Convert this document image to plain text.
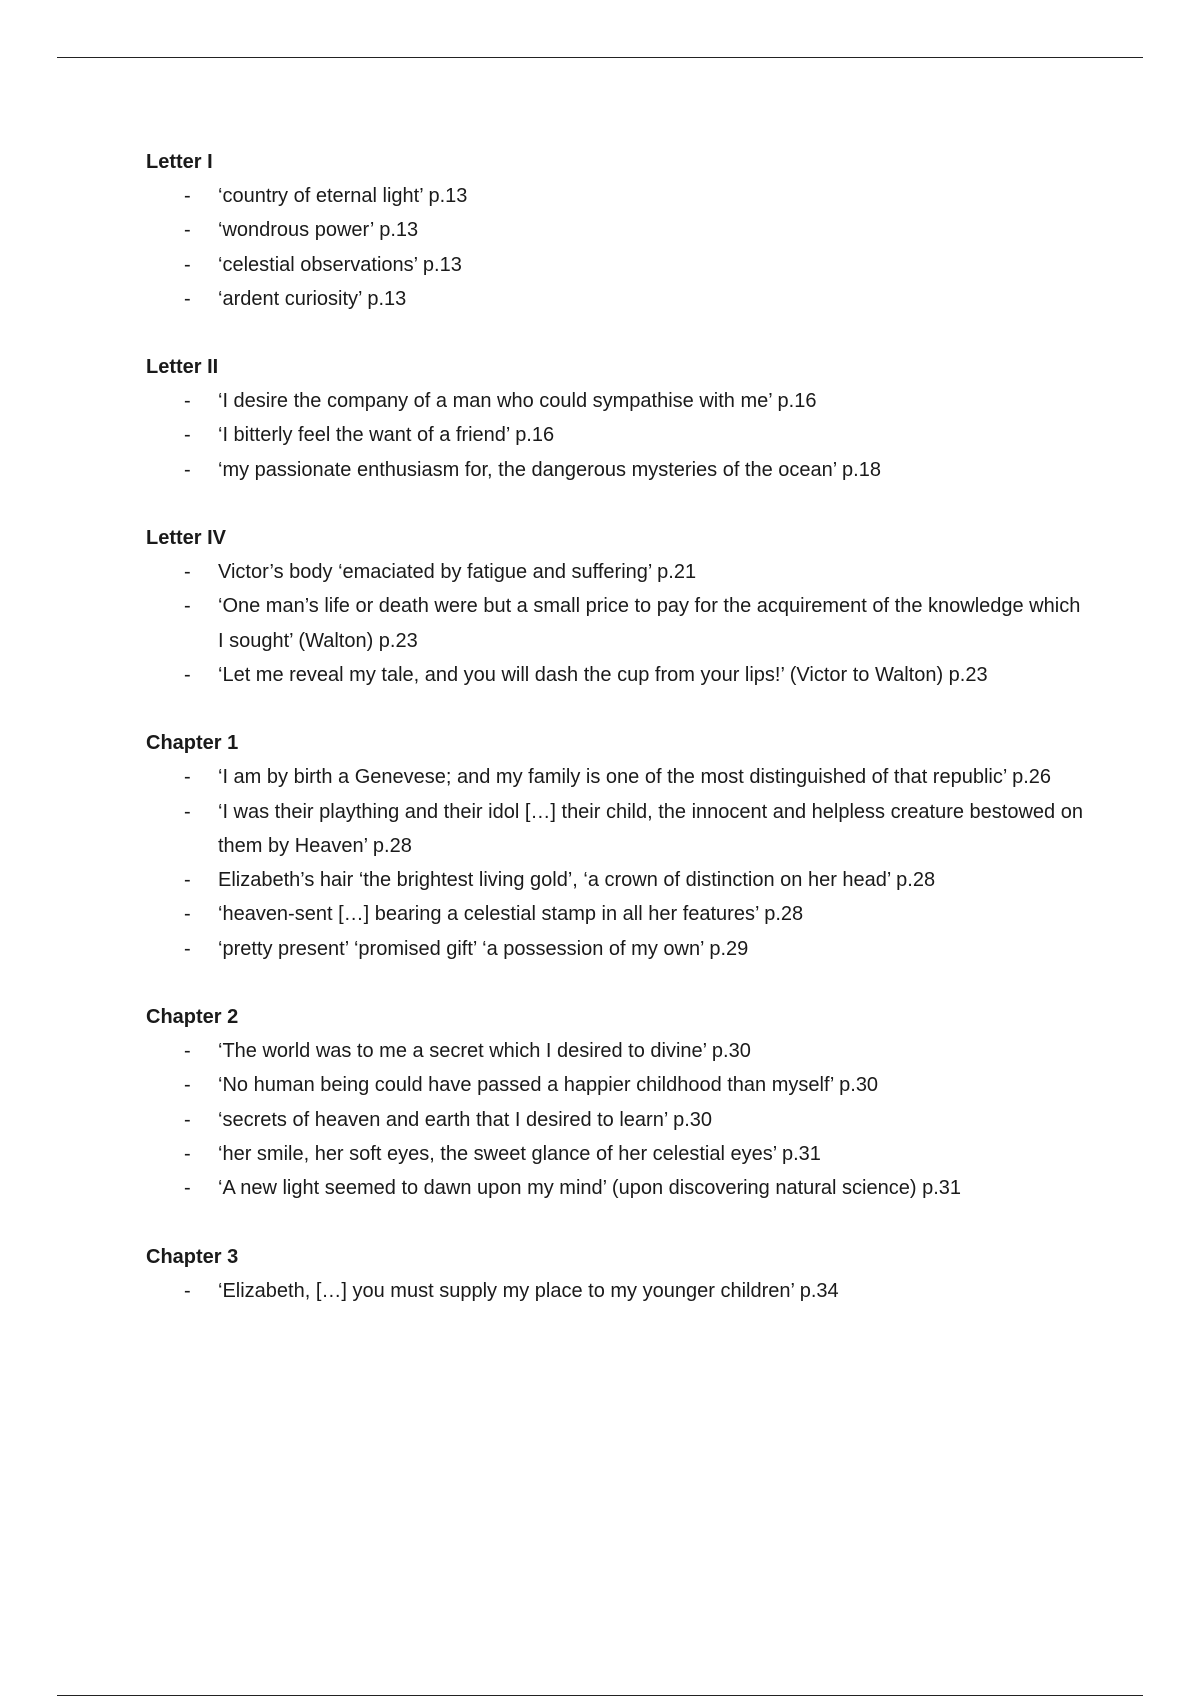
Letter I
- ‘country of eternal light’ p.13
- ‘wondrous power’ p.13
- ‘celestial observations’ p.13
- ‘ardent curiosity’ p.13
Letter II
- ‘I desire the company of a man who could sympathise with me’ p.16
- ‘I bitterly feel the want of a friend’ p.16
- ‘my passionate enthusiasm for, the dangerous mysteries of the ocean’ p.18
Letter IV
- Victor’s body ‘emaciated by fatigue and suffering’ p.21
- ‘One man’s life or death were but a small price to pay for the acquirement of the knowledge which I sought’ (Walton) p.23
- ‘Let me reveal my tale, and you will dash the cup from your lips!’ (Victor to Walton) p.23
Chapter 1
- ‘I am by birth a Genevese; and my family is one of the most distinguished of that republic’ p.26
- ‘I was their plaything and their idol […] their child, the innocent and helpless creature bestowed on them by Heaven’ p.28
- Elizabeth’s hair ‘the brightest living gold’, ‘a crown of distinction on her head’ p.28
- ‘heaven-sent […] bearing a celestial stamp in all her features’ p.28
- ‘pretty present’ ‘promised gift’ ‘a possession of my own’ p.29
Chapter 2
- ‘The world was to me a secret which I desired to divine’ p.30
- ‘No human being could have passed a happier childhood than myself’ p.30
- ‘secrets of heaven and earth that I desired to learn’ p.30
- ‘her smile, her soft eyes, the sweet glance of her celestial eyes’ p.31
- ‘A new light seemed to dawn upon my mind’ (upon discovering natural science) p.31
Chapter 3
- ‘Elizabeth, […] you must supply my place to my younger children’ p.34
